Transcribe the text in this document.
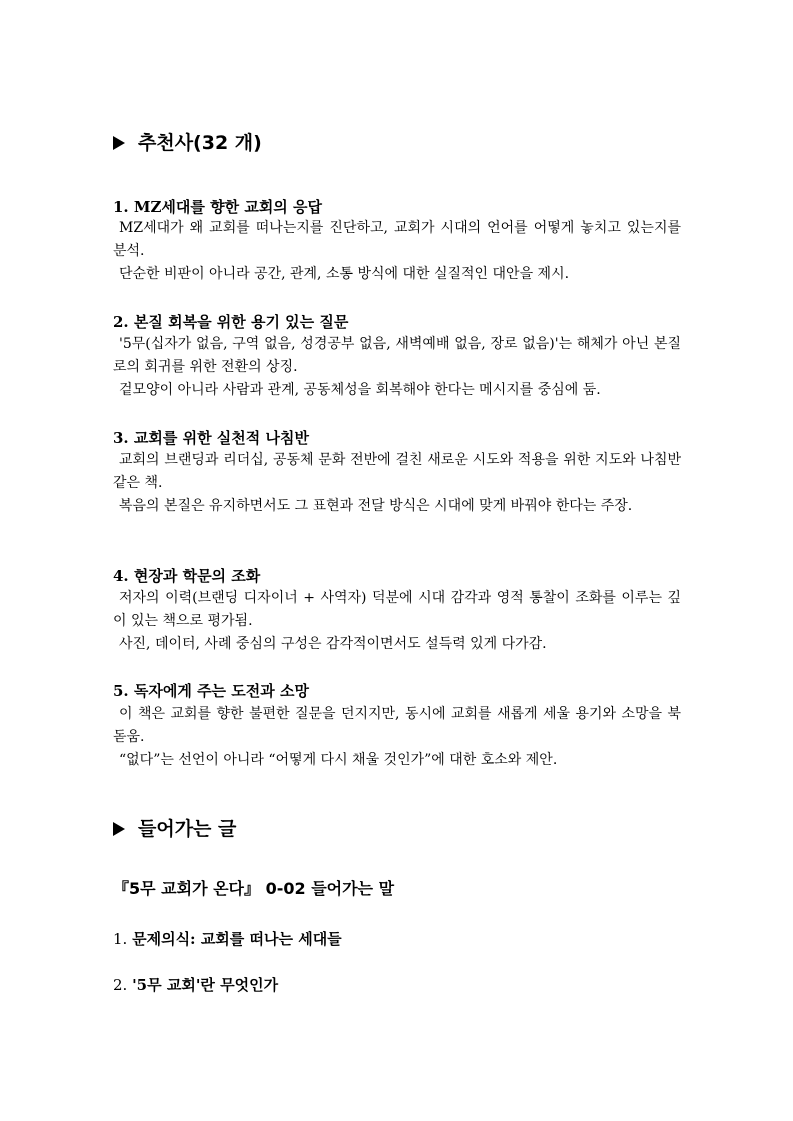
추천사(32 개)
1. MZ세대를 향한 교회의 응답
MZ세대가 왜 교회를 떠나는지를 진단하고, 교회가 시대의 언어를 어떻게 놓치고 있는지를 분석.
단순한 비판이 아니라 공간, 관계, 소통 방식에 대한 실질적인 대안을 제시.
2. 본질 회복을 위한 용기 있는 질문
'5무(십자가 없음, 구역 없음, 성경공부 없음, 새벽예배 없음, 장로 없음)'는 해체가 아닌 본질로의 회귀를 위한 전환의 상징.
겉모양이 아니라 사람과 관계, 공동체성을 회복해야 한다는 메시지를 중심에 둠.
3. 교회를 위한 실천적 나침반
교회의 브랜딩과 리더십, 공동체 문화 전반에 걸친 새로운 시도와 적용을 위한 지도와 나침반 같은 책.
복음의 본질은 유지하면서도 그 표현과 전달 방식은 시대에 맞게 바꿔야 한다는 주장.
4. 현장과 학문의 조화
저자의 이력(브랜딩 디자이너 + 사역자) 덕분에 시대 감각과 영적 통찰이 조화를 이루는 깊이 있는 책으로 평가됨.
사진, 데이터, 사례 중심의 구성은 감각적이면서도 설득력 있게 다가감.
5. 독자에게 주는 도전과 소망
이 책은 교회를 향한 불편한 질문을 던지지만, 동시에 교회를 새롭게 세울 용기와 소망을 북돋움.
“없다”는 선언이 아니라 “어떻게 다시 채울 것인가”에 대한 호소와 제안.
들어가는 글
『5무 교회가 온다』 0-02 들어가는 말
1. 문제의식: 교회를 떠나는 세대들
2. '5무 교회'란 무엇인가
